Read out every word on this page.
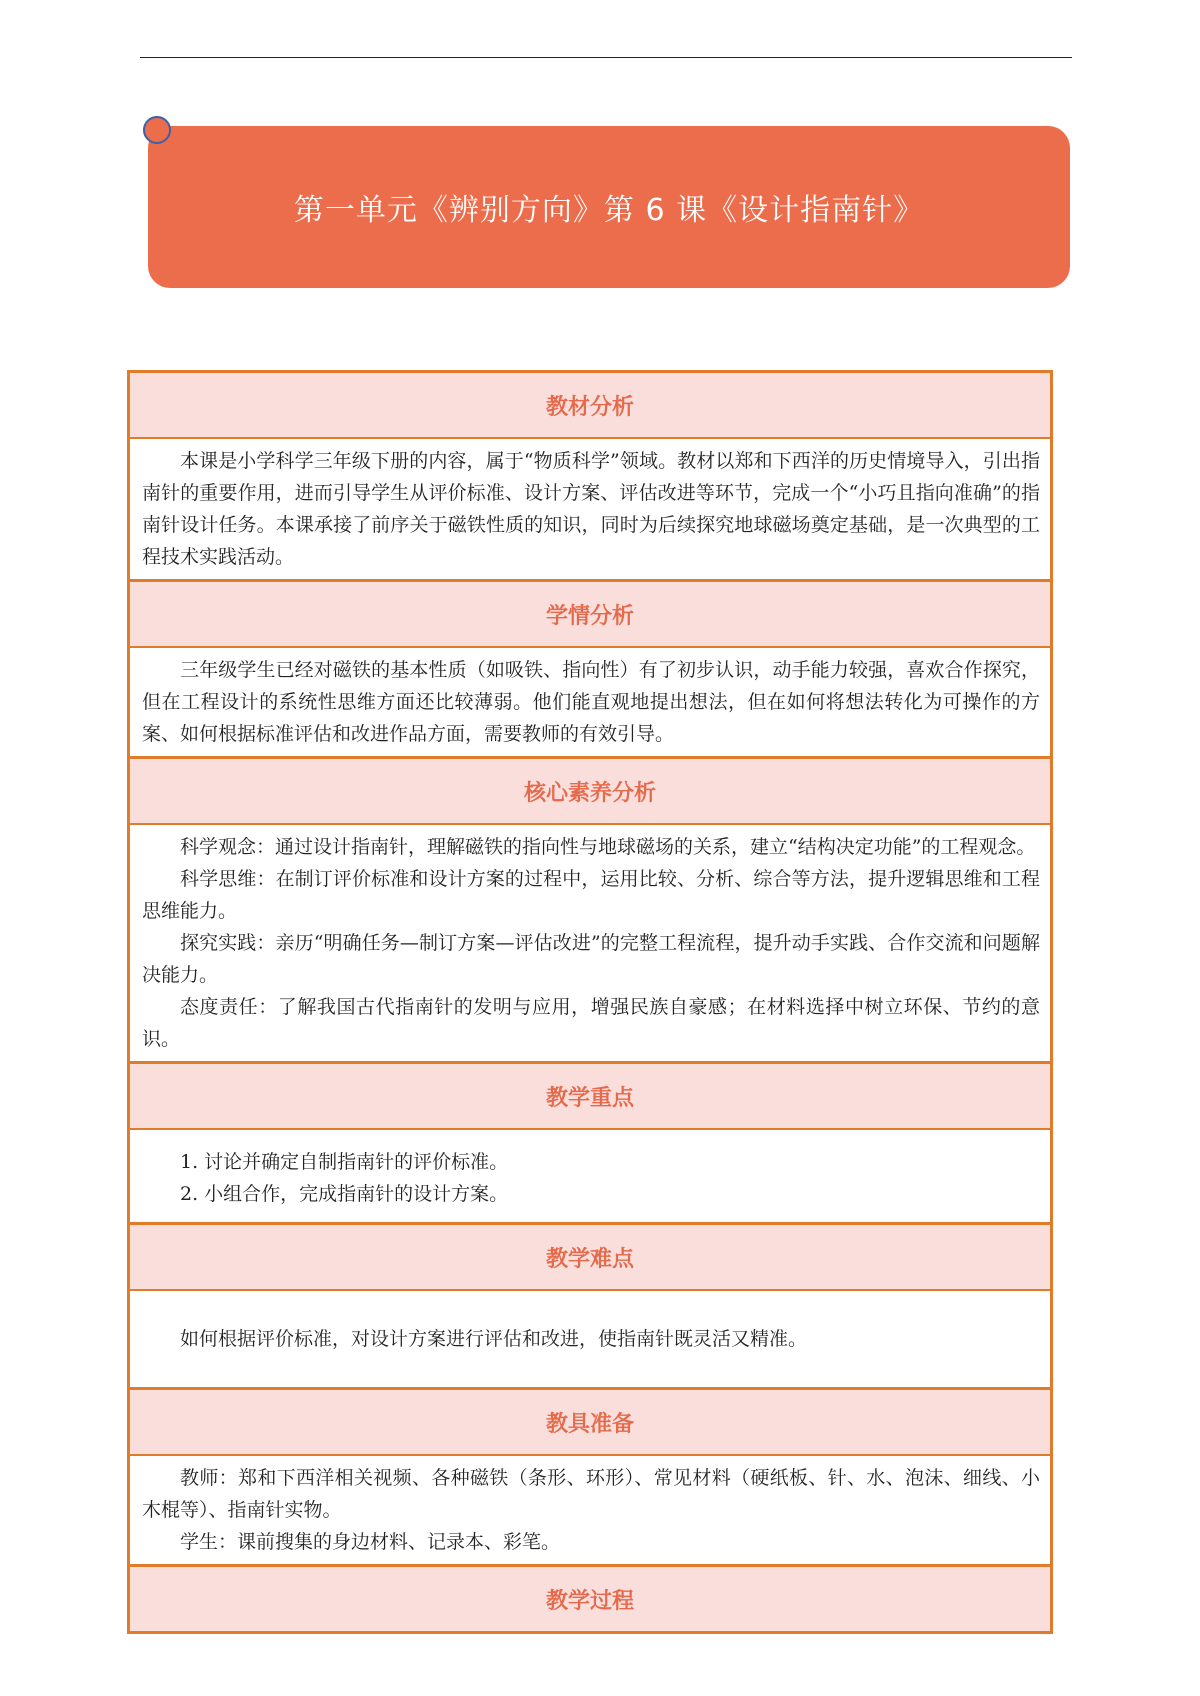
第一单元《辨别方向》第 6 课《设计指南针》
教材分析

本课是小学科学三年级下册的内容，属于“物质科学”领域。教材以郑和下西洋的历史情境导入，引出指南针的重要作用，进而引导学生从评价标准、设计方案、评估改进等环节，完成一个“小巧且指向准确”的指南针设计任务。本课承接了前序关于磁铁性质的知识，同时为后续探究地球磁场奠定基础，是一次典型的工程技术实践活动。

学情分析

三年级学生已经对磁铁的基本性质（如吸铁、指向性）有了初步认识，动手能力较强，喜欢合作探究，但在工程设计的系统性思维方面还比较薄弱。他们能直观地提出想法，但在如何将想法转化为可操作的方案、如何根据标准评估和改进作品方面，需要教师的有效引导。

核心素养分析

科学观念：通过设计指南针，理解磁铁的指向性与地球磁场的关系，建立“结构决定功能”的工程观念。

科学思维：在制订评价标准和设计方案的过程中，运用比较、分析、综合等方法，提升逻辑思维和工程思维能力。

探究实践：亲历“明确任务—制订方案—评估改进”的完整工程流程，提升动手实践、合作交流和问题解决能力。

态度责任：了解我国古代指南针的发明与应用，增强民族自豪感；在材料选择中树立环保、节约的意识。

教学重点

1. 讨论并确定自制指南针的评价标准。

2. 小组合作，完成指南针的设计方案。

教学难点

如何根据评价标准，对设计方案进行评估和改进，使指南针既灵活又精准。

教具准备

教师：郑和下西洋相关视频、各种磁铁（条形、环形）、常见材料（硬纸板、针、水、泡沫、细线、小木棍等）、指南针实物。

学生：课前搜集的身边材料、记录本、彩笔。

教学过程
